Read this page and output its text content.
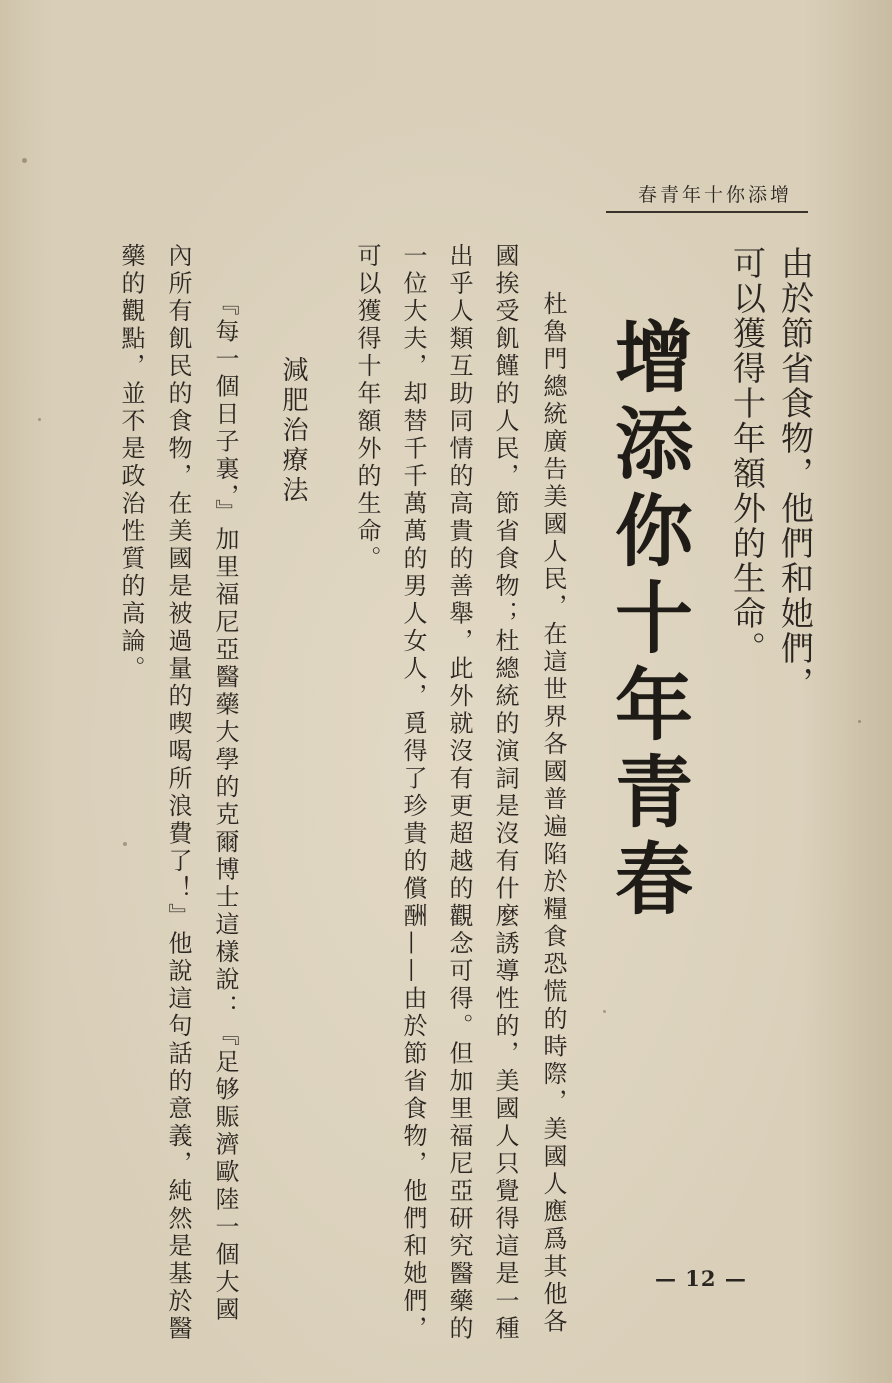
增添你十年青春
由於節省食物，他們和她們，
可以獲得十年額外的生命。
增添你十年青春
杜魯門總統廣告美國人民，在這世界各國普遍陷於糧食恐慌的時際，美國人應爲其他各
國挨受飢饉的人民，節省食物；杜總統的演詞是沒有什麼誘導性的，美國人只覺得這是一種
出乎人類互助同情的高貴的善舉，此外就沒有更超越的觀念可得。但加里福尼亞研究醫藥的
一位大夫，却替千千萬萬的男人女人，覓得了珍貴的償酬——由於節省食物，他們和她們，
可以獲得十年額外的生命。
減肥治療法
『每一個日子裏，』加里福尼亞醫藥大學的克爾博士這樣說：『足够賑濟歐陸一個大國
內所有飢民的食物，在美國是被過量的喫喝所浪費了！』他說這句話的意義，純然是基於醫
藥的觀點，並不是政治性質的高論。
— 12 —
